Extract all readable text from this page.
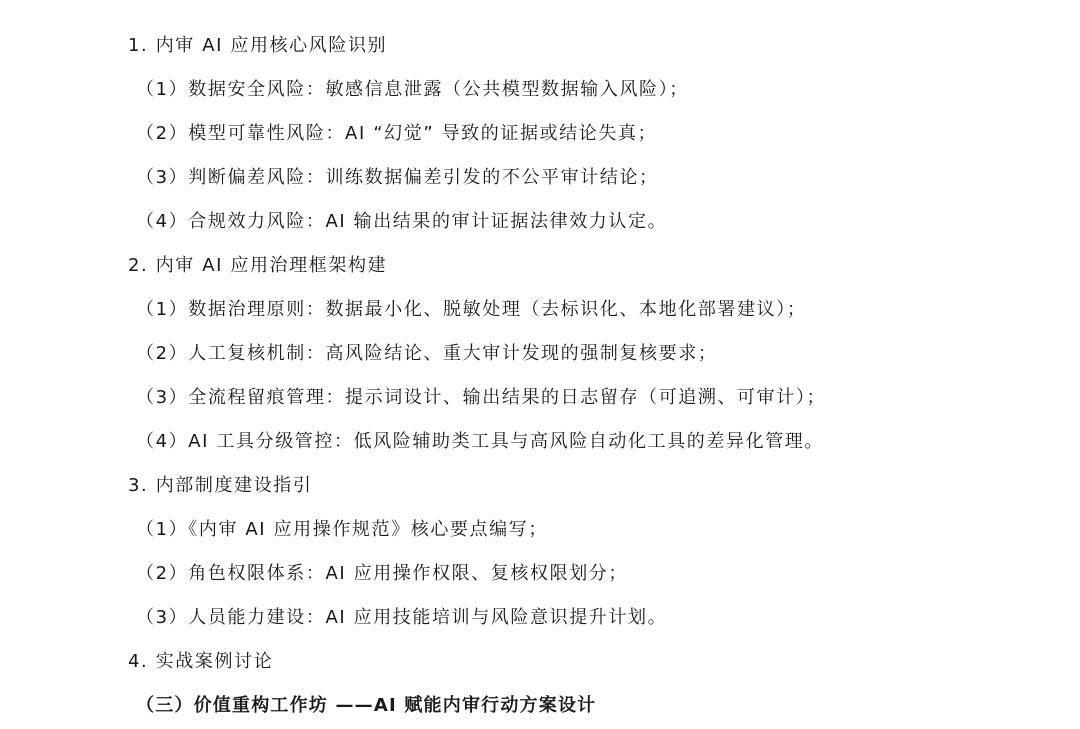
1. 内审 AI 应用核心风险识别
（1）数据安全风险：敏感信息泄露（公共模型数据输入风险）；
（2）模型可靠性风险：AI “幻觉” 导致的证据或结论失真；
（3）判断偏差风险：训练数据偏差引发的不公平审计结论；
（4）合规效力风险：AI 输出结果的审计证据法律效力认定。
2. 内审 AI 应用治理框架构建
（1）数据治理原则：数据最小化、脱敏处理（去标识化、本地化部署建议）；
（2）人工复核机制：高风险结论、重大审计发现的强制复核要求；
（3）全流程留痕管理：提示词设计、输出结果的日志留存（可追溯、可审计）；
（4）AI 工具分级管控：低风险辅助类工具与高风险自动化工具的差异化管理。
3. 内部制度建设指引
（1）《内审 AI 应用操作规范》核心要点编写；
（2）角色权限体系：AI 应用操作权限、复核权限划分；
（3）人员能力建设：AI 应用技能培训与风险意识提升计划。
4. 实战案例讨论
（三）价值重构工作坊 ——AI 赋能内审行动方案设计
